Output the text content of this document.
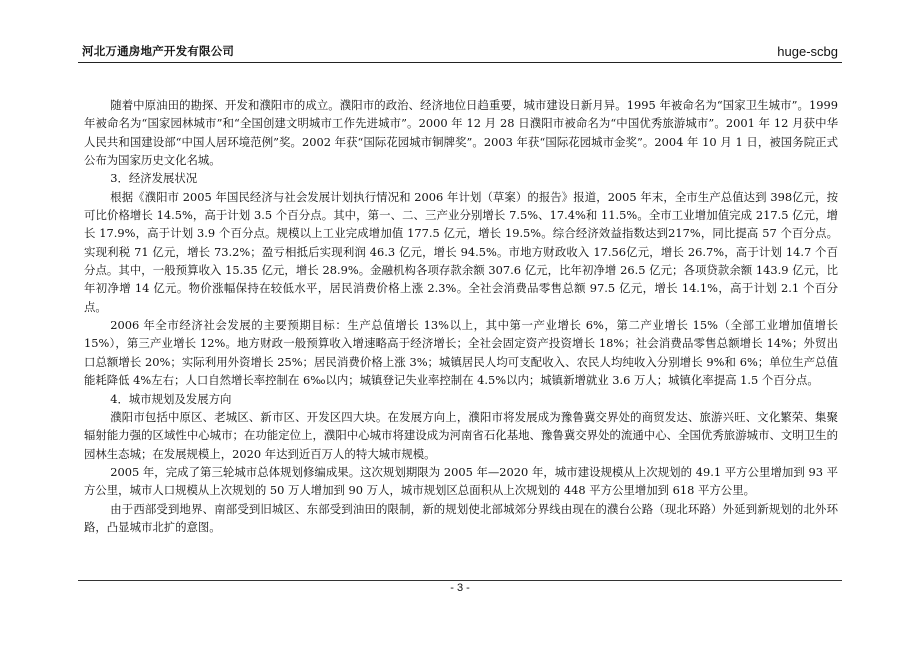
河北万通房地产开发有限公司	huge-scbg

随着中原油田的勘探、开发和濮阳市的成立。濮阳市的政治、经济地位日趋重要，城市建设日新月异。1995 年被命名为“国家卫生城市”。1999 年被命名为“国家园林城市”和“全国创建文明城市工作先进城市”。2000 年 12 月 28 日濮阳市被命名为“中国优秀旅游城市”。2001 年 12 月获中华人民共和国建设部“中国人居环境范例”奖。2002 年获“国际花园城市铜牌奖”。2003 年获“国际花园城市金奖”。2004 年 10 月 1 日，被国务院正式公布为国家历史文化名城。

3．经济发展状况

根据《濮阳市 2005 年国民经济与社会发展计划执行情况和 2006 年计划（草案）的报告》报道，2005 年末，全市生产总值达到 398亿元，按可比价格增长 14.5%，高于计划 3.5 个百分点。其中，第一、二、三产业分别增长 7.5%、17.4%和 11.5%。全市工业增加值完成 217.5 亿元，增长 17.9%，高于计划 3.9 个百分点。规模以上工业完成增加值 177.5 亿元，增长 19.5%。综合经济效益指数达到217%，同比提高 57 个百分点。实现利税 71 亿元，增长 73.2%；盈亏相抵后实现利润 46.3 亿元，增长 94.5%。市地方财政收入 17.56亿元，增长 26.7%，高于计划 14.7 个百分点。其中，一般预算收入 15.35 亿元，增长 28.9%。金融机构各项存款余额 307.6 亿元，比年初净增 26.5 亿元；各项贷款余额 143.9 亿元，比年初净增 14 亿元。物价涨幅保持在较低水平，居民消费价格上涨 2.3%。全社会消费品零售总额 97.5 亿元，增长 14.1%，高于计划 2.1 个百分点。

2006 年全市经济社会发展的主要预期目标：生产总值增长 13%以上，其中第一产业增长 6%，第二产业增长 15%（全部工业增加值增长 15%），第三产业增长 12%。地方财政一般预算收入增速略高于经济增长；全社会固定资产投资增长 18%；社会消费品零售总额增长 14%；外贸出口总额增长 20%；实际利用外资增长 25%；居民消费价格上涨 3%；城镇居民人均可支配收入、农民人均纯收入分别增长 9%和 6%；单位生产总值能耗降低 4%左右；人口自然增长率控制在 6‰以内；城镇登记失业率控制在 4.5%以内；城镇新增就业 3.6 万人；城镇化率提高 1.5 个百分点。

4．城市规划及发展方向

濮阳市包括中原区、老城区、新市区、开发区四大块。在发展方向上，濮阳市将发展成为豫鲁冀交界处的商贸发达、旅游兴旺、文化繁荣、集聚辐射能力强的区域性中心城市；在功能定位上，濮阳中心城市将建设成为河南省石化基地、豫鲁冀交界处的流通中心、全国优秀旅游城市、文明卫生的园林生态城；在发展规模上，2020 年达到近百万人的特大城市规模。

2005 年，完成了第三轮城市总体规划修编成果。这次规划期限为 2005 年—2020 年，城市建设规模从上次规划的 49.1 平方公里增加到 93 平方公里，城市人口规模从上次规划的 50 万人增加到 90 万人，城市规划区总面积从上次规划的 448 平方公里增加到 618 平方公里。

由于西部受到地界、南部受到旧城区、东部受到油田的限制，新的规划使北部城郊分界线由现在的濮台公路（现北环路）外延到新规划的北外环路，凸显城市北扩的意图。

- 3 -
